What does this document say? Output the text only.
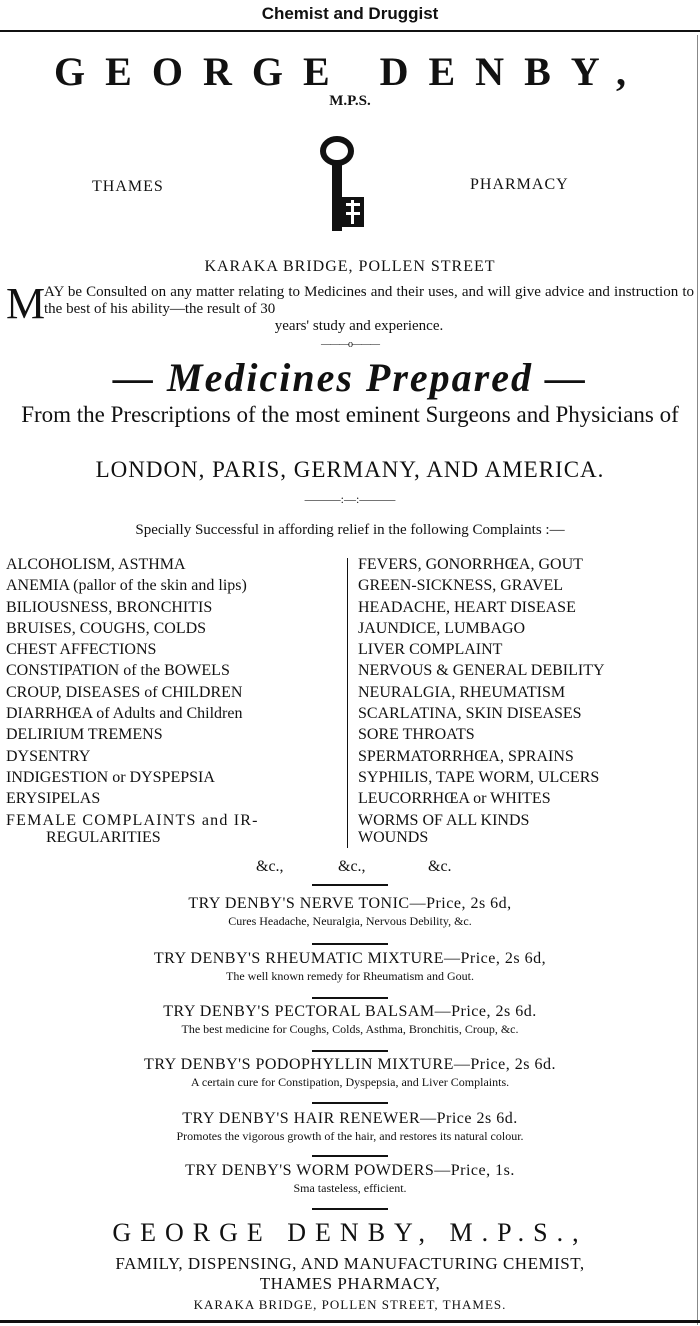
Chemist and Druggist
GEORGE DENBY,
M.P.S.
THAMES	PHARMACY
KARAKA BRIDGE, POLLEN STREET
M
AY be Consulted on any matter relating to Medicines and their uses, and will give advice and instruction to the best of his ability—the result of 30
years' study and experience.
———o———
— Medicines Prepared —
From the Prescriptions of the most eminent Surgeons and Physicians of
LONDON, PARIS, GERMANY, AND AMERICA.
———:—:———
Specially Successful in affording relief in the following Complaints :—
ALCOHOLISM, ASTHMA
ANEMIA (pallor of the skin and lips)
BILIOUSNESS, BRONCHITIS
BRUISES, COUGHS, COLDS
CHEST AFFECTIONS
CONSTIPATION of the BOWELS
CROUP, DISEASES of CHILDREN
DIARRHŒA of Adults and Children
DELIRIUM TREMENS
DYSENTRY
INDIGESTION or DYSPEPSIA
ERYSIPELAS
FEMALE COMPLAINTS and IR-
REGULARITIES
FEVERS, GONORRHŒA, GOUT
GREEN-SICKNESS, GRAVEL
HEADACHE, HEART DISEASE
JAUNDICE, LUMBAGO
LIVER COMPLAINT
NERVOUS & GENERAL DEBILITY
NEURALGIA, RHEUMATISM
SCARLATINA, SKIN DISEASES
SORE THROATS
SPERMATORRHŒA, SPRAINS
SYPHILIS, TAPE WORM, ULCERS
LEUCORRHŒA or WHITES
WORMS OF ALL KINDS
WOUNDS
&c.,	&c.,	&c.
TRY DENBY'S NERVE TONIC—Price, 2s 6d,
Cures Headache, Neuralgia, Nervous Debility, &c.
TRY DENBY'S RHEUMATIC MIXTURE—Price, 2s 6d,
The well known remedy for Rheumatism and Gout.
TRY DENBY'S PECTORAL BALSAM—Price, 2s 6d.
The best medicine for Coughs, Colds, Asthma, Bronchitis, Croup, &c.
TRY DENBY'S PODOPHYLLIN MIXTURE—Price, 2s 6d.
A certain cure for Constipation, Dyspepsia, and Liver Complaints.
TRY DENBY'S HAIR RENEWER—Price 2s 6d.
Promotes the vigorous growth of the hair, and restores its natural colour.
TRY DENBY'S WORM POWDERS—Price, 1s.
Sma tasteless, efficient.
GEORGE DENBY, M.P.S.,
FAMILY, DISPENSING, AND MANUFACTURING CHEMIST,
THAMES PHARMACY,
KARAKA BRIDGE, POLLEN STREET, THAMES.
